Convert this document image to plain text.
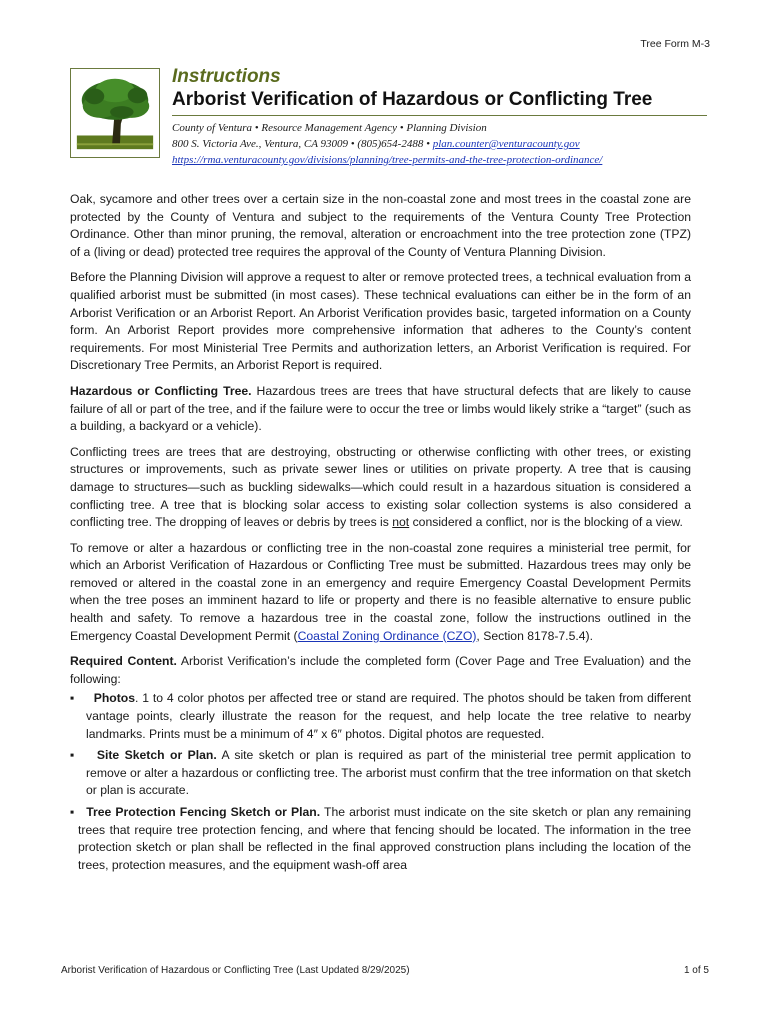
Tree Form M-3
Instructions
Arborist Verification of Hazardous or Conflicting Tree
County of Ventura • Resource Management Agency • Planning Division
800 S. Victoria Ave., Ventura, CA 93009 • (805)654-2488 • plan.counter@venturacounty.gov
https://rma.venturacounty.gov/divisions/planning/tree-permits-and-the-tree-protection-ordinance/

Oak, sycamore and other trees over a certain size in the non-coastal zone and most trees in the coastal zone are protected by the County of Ventura and subject to the requirements of the Ventura County Tree Protection Ordinance. Other than minor pruning, the removal, alteration or encroachment into the tree protection zone (TPZ) of a (living or dead) protected tree requires the approval of the County of Ventura Planning Division.

Before the Planning Division will approve a request to alter or remove protected trees, a technical evaluation from a qualified arborist must be submitted (in most cases). These technical evaluations can either be in the form of an Arborist Verification or an Arborist Report. An Arborist Verification provides basic, targeted information on a County form. An Arborist Report provides more comprehensive information that adheres to the County’s content requirements. For most Ministerial Tree Permits and authorization letters, an Arborist Verification is required. For Discretionary Tree Permits, an Arborist Report is required.

Hazardous or Conflicting Tree. Hazardous trees are trees that have structural defects that are likely to cause failure of all or part of the tree, and if the failure were to occur the tree or limbs would likely strike a “target” (such as a building, a backyard or a vehicle).

Conflicting trees are trees that are destroying, obstructing or otherwise conflicting with other trees, or existing structures or improvements, such as private sewer lines or utilities on private property. A tree that is causing damage to structures—such as buckling sidewalks—which could result in a hazardous situation is considered a conflicting tree. A tree that is blocking solar access to existing solar collection systems is also considered a conflicting tree. The dropping of leaves or debris by trees is not considered a conflict, nor is the blocking of a view.

To remove or alter a hazardous or conflicting tree in the non-coastal zone requires a ministerial tree permit, for which an Arborist Verification of Hazardous or Conflicting Tree must be submitted. Hazardous trees may only be removed or altered in the coastal zone in an emergency and require Emergency Coastal Development Permits when the tree poses an imminent hazard to life or property and there is no feasible alternative to ensure public health and safety. To remove a hazardous tree in the coastal zone, follow the instructions outlined in the Emergency Coastal Development Permit (Coastal Zoning Ordinance (CZO), Section 8178-7.5.4).

Required Content. Arborist Verification’s include the completed form (Cover Page and Tree Evaluation) and the following:

▪ Photos. 1 to 4 color photos per affected tree or stand are required. The photos should be taken from different vantage points, clearly illustrate the reason for the request, and help locate the tree relative to nearby landmarks. Prints must be a minimum of 4″ x 6″ photos. Digital photos are requested.
▪ Site Sketch or Plan. A site sketch or plan is required as part of the ministerial tree permit application to remove or alter a hazardous or conflicting tree. The arborist must confirm that the tree information on that sketch or plan is accurate.
▪ Tree Protection Fencing Sketch or Plan. The arborist must indicate on the site sketch or plan any remaining trees that require tree protection fencing, and where that fencing should be located. The information in the tree protection sketch or plan shall be reflected in the final approved construction plans including the location of the trees, protection measures, and the equipment wash-off area
Arborist Verification of Hazardous or Conflicting Tree (Last Updated 8/29/2025)	1 of 5
